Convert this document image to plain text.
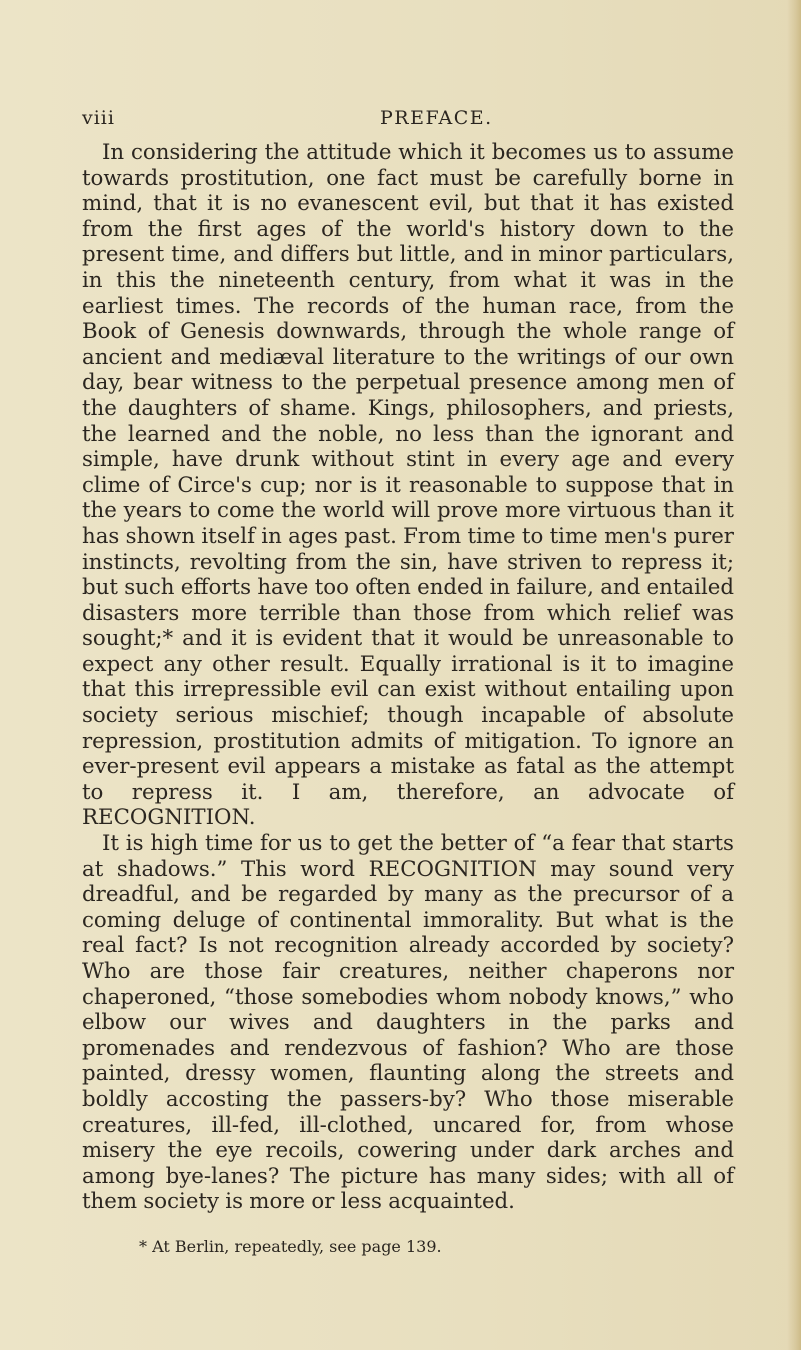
viii	PREFACE.

In considering the attitude which it becomes us to assume towards prostitution, one fact must be carefully borne in mind, that it is no evanescent evil, but that it has existed from the first ages of the world's history down to the present time, and differs but little, and in minor particulars, in this the nineteenth century, from what it was in the earliest times. The records of the human race, from the Book of Genesis downwards, through the whole range of ancient and mediæval literature to the writings of our own day, bear witness to the perpetual presence among men of the daughters of shame. Kings, philosophers, and priests, the learned and the noble, no less than the ignorant and simple, have drunk without stint in every age and every clime of Circe's cup; nor is it reasonable to suppose that in the years to come the world will prove more virtuous than it has shown itself in ages past. From time to time men's purer instincts, revolting from the sin, have striven to repress it; but such efforts have too often ended in failure, and entailed disasters more terrible than those from which relief was sought;* and it is evident that it would be unreasonable to expect any other result. Equally irrational is it to imagine that this irrepressible evil can exist without entailing upon society serious mischief; though incapable of absolute repression, prostitution admits of mitigation. To ignore an ever-present evil appears a mistake as fatal as the attempt to repress it. I am, therefore, an advocate of RECOGNITION.

It is high time for us to get the better of “a fear that starts at shadows.” This word RECOGNITION may sound very dreadful, and be regarded by many as the precursor of a coming deluge of continental immorality. But what is the real fact? Is not recognition already accorded by society? Who are those fair creatures, neither chaperons nor chaperoned, “those somebodies whom nobody knows,” who elbow our wives and daughters in the parks and promenades and rendezvous of fashion? Who are those painted, dressy women, flaunting along the streets and boldly accosting the passers-by? Who those miserable creatures, ill-fed, ill-clothed, uncared for, from whose misery the eye recoils, cowering under dark arches and among bye-lanes? The picture has many sides; with all of them society is more or less acquainted.

* At Berlin, repeatedly, see page 139.
